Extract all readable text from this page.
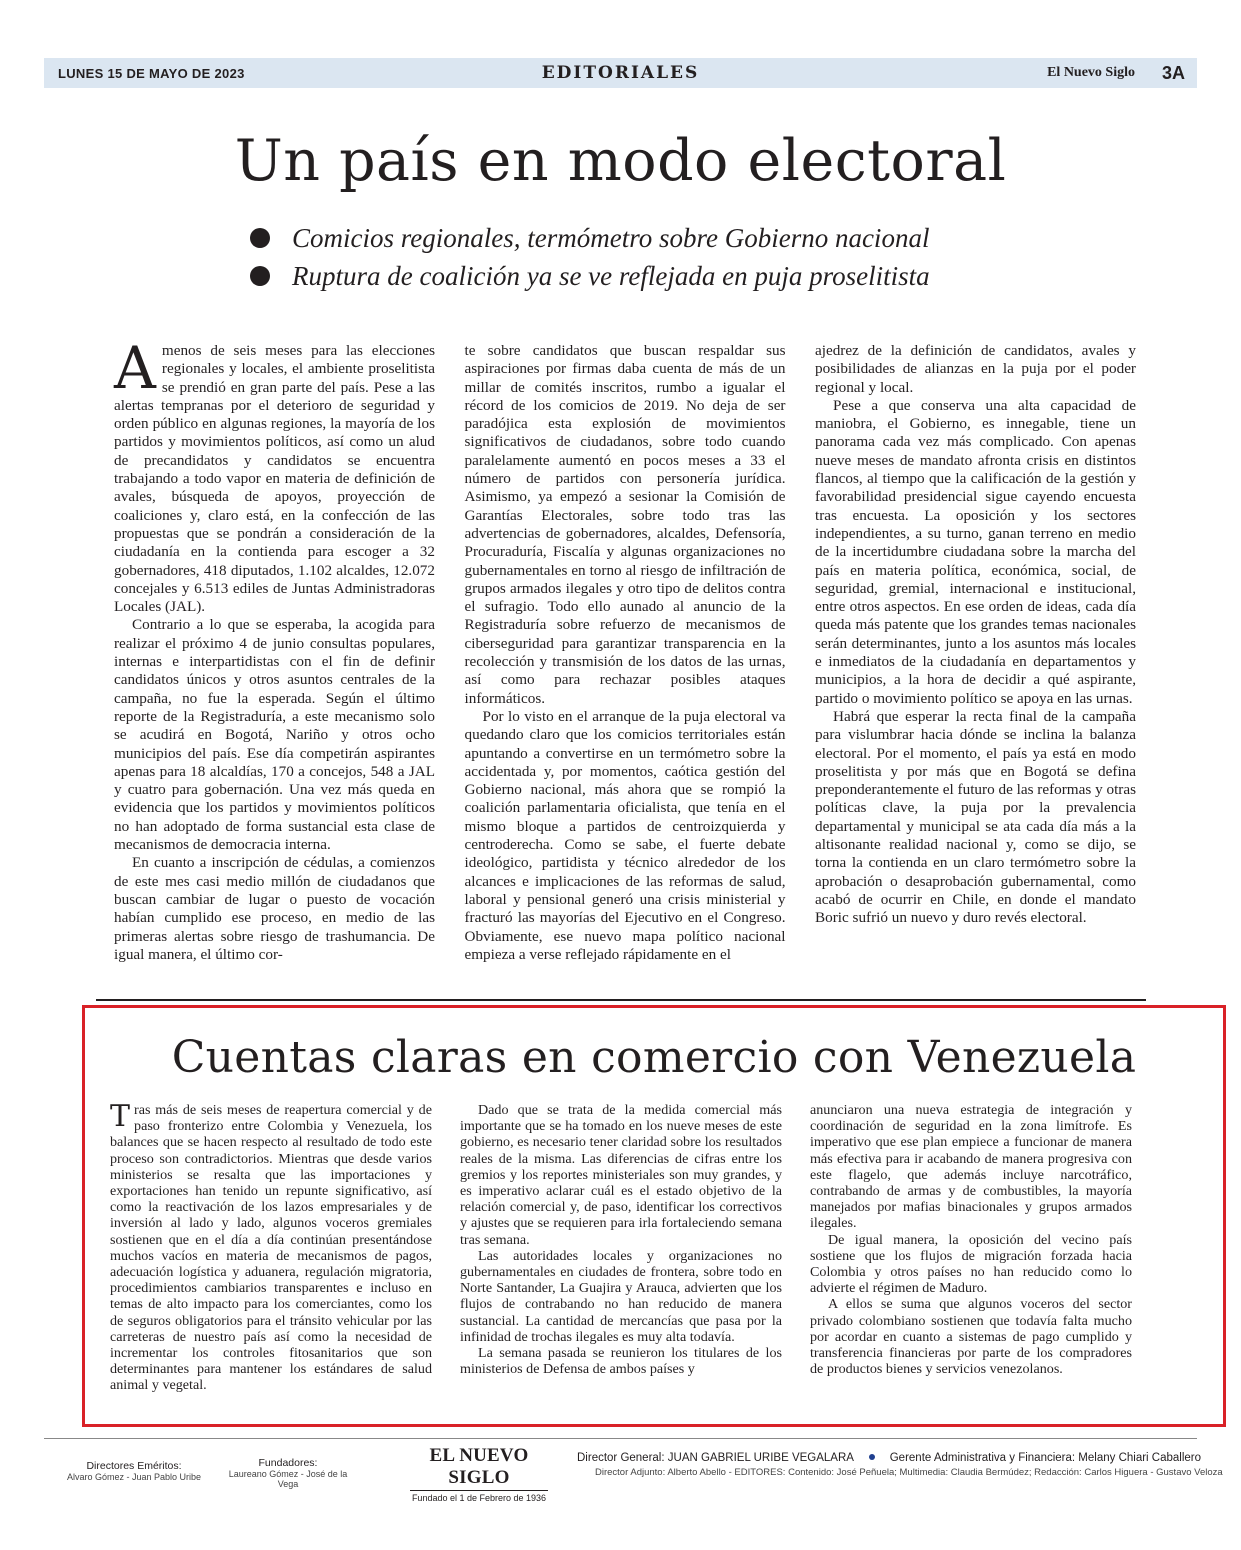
LUNES 15 DE MAYO DE 2023	EDITORIALES	El Nuevo Siglo 3A
Un país en modo electoral
Comicios regionales, termómetro sobre Gobierno nacional
Ruptura de coalición ya se ve reflejada en puja proselitista

Amenos de seis meses para las elecciones regionales y locales, el ambiente proselitista se prendió en gran parte del país. Pese a las alertas tempranas por el deterioro de seguridad y orden público en algunas regiones, la mayoría de los partidos y movimientos políticos, así como un alud de precandidatos y candidatos se encuentra trabajando a todo vapor en materia de definición de avales, búsqueda de apoyos, proyección de coaliciones y, claro está, en la confección de las propuestas que se pondrán a consideración de la ciudadanía en la contienda para escoger a 32 gobernadores, 418 diputados, 1.102 alcaldes, 12.072 concejales y 6.513 ediles de Juntas Administradoras Locales (JAL).

Contrario a lo que se esperaba, la acogida para realizar el próximo 4 de junio consultas populares, internas e interpartidistas con el fin de definir candidatos únicos y otros asuntos centrales de la campaña, no fue la esperada. Según el último reporte de la Registraduría, a este mecanismo solo se acudirá en Bogotá, Nariño y otros ocho municipios del país. Ese día competirán aspirantes apenas para 18 alcaldías, 170 a concejos, 548 a JAL y cuatro para gobernación. Una vez más queda en evidencia que los partidos y movimientos políticos no han adoptado de forma sustancial esta clase de mecanismos de democracia interna.

En cuanto a inscripción de cédulas, a comienzos de este mes casi medio millón de ciudadanos que buscan cambiar de lugar o puesto de vocación habían cumplido ese proceso, en medio de las primeras alertas sobre riesgo de trashumancia. De igual manera, el último cor-

te sobre candidatos que buscan respaldar sus aspiraciones por firmas daba cuenta de más de un millar de comités inscritos, rumbo a igualar el récord de los comicios de 2019. No deja de ser paradójica esta explosión de movimientos significativos de ciudadanos, sobre todo cuando paralelamente aumentó en pocos meses a 33 el número de partidos con personería jurídica. Asimismo, ya empezó a sesionar la Comisión de Garantías Electorales, sobre todo tras las advertencias de gobernadores, alcaldes, Defensoría, Procuraduría, Fiscalía y algunas organizaciones no gubernamentales en torno al riesgo de infiltración de grupos armados ilegales y otro tipo de delitos contra el sufragio. Todo ello aunado al anuncio de la Registraduría sobre refuerzo de mecanismos de ciberseguridad para garantizar transparencia en la recolección y transmisión de los datos de las urnas, así como para rechazar posibles ataques informáticos.

Por lo visto en el arranque de la puja electoral va quedando claro que los comicios territoriales están apuntando a convertirse en un termómetro sobre la accidentada y, por momentos, caótica gestión del Gobierno nacional, más ahora que se rompió la coalición parlamentaria oficialista, que tenía en el mismo bloque a partidos de centroizquierda y centroderecha. Como se sabe, el fuerte debate ideológico, partidista y técnico alrededor de los alcances e implicaciones de las reformas de salud, laboral y pensional generó una crisis ministerial y fracturó las mayorías del Ejecutivo en el Congreso. Obviamente, ese nuevo mapa político nacional empieza a verse reflejado rápidamente en el

ajedrez de la definición de candidatos, avales y posibilidades de alianzas en la puja por el poder regional y local.

Pese a que conserva una alta capacidad de maniobra, el Gobierno, es innegable, tiene un panorama cada vez más complicado. Con apenas nueve meses de mandato afronta crisis en distintos flancos, al tiempo que la calificación de la gestión y favorabilidad presidencial sigue cayendo encuesta tras encuesta. La oposición y los sectores independientes, a su turno, ganan terreno en medio de la incertidumbre ciudadana sobre la marcha del país en materia política, económica, social, de seguridad, gremial, internacional e institucional, entre otros aspectos. En ese orden de ideas, cada día queda más patente que los grandes temas nacionales serán determinantes, junto a los asuntos más locales e inmediatos de la ciudadanía en departamentos y municipios, a la hora de decidir a qué aspirante, partido o movimiento político se apoya en las urnas.

Habrá que esperar la recta final de la campaña para vislumbrar hacia dónde se inclina la balanza electoral. Por el momento, el país ya está en modo proselitista y por más que en Bogotá se defina preponderantemente el futuro de las reformas y otras políticas clave, la puja por la prevalencia departamental y municipal se ata cada día más a la altisonante realidad nacional y, como se dijo, se torna la contienda en un claro termómetro sobre la aprobación o desaprobación gubernamental, como acabó de ocurrir en Chile, en donde el mandato Boric sufrió un nuevo y duro revés electoral.

Cuentas claras en comercio con Venezuela

Tras más de seis meses de reapertura comercial y de paso fronterizo entre Colombia y Venezuela, los balances que se hacen respecto al resultado de todo este proceso son contradictorios. Mientras que desde varios ministerios se resalta que las importaciones y exportaciones han tenido un repunte significativo, así como la reactivación de los lazos empresariales y de inversión al lado y lado, algunos voceros gremiales sostienen que en el día a día continúan presentándose muchos vacíos en materia de mecanismos de pagos, adecuación logística y aduanera, regulación migratoria, procedimientos cambiarios transparentes e incluso en temas de alto impacto para los comerciantes, como los de seguros obligatorios para el tránsito vehicular por las carreteras de nuestro país así como la necesidad de incrementar los controles fitosanitarios que son determinantes para mantener los estándares de salud animal y vegetal.

Dado que se trata de la medida comercial más importante que se ha tomado en los nueve meses de este gobierno, es necesario tener claridad sobre los resultados reales de la misma. Las diferencias de cifras entre los gremios y los reportes ministeriales son muy grandes, y es imperativo aclarar cuál es el estado objetivo de la relación comercial y, de paso, identificar los correctivos y ajustes que se requieren para irla fortaleciendo semana tras semana.

Las autoridades locales y organizaciones no gubernamentales en ciudades de frontera, sobre todo en Norte Santander, La Guajira y Arauca, advierten que los flujos de contrabando no han reducido de manera sustancial. La cantidad de mercancías que pasa por la infinidad de trochas ilegales es muy alta todavía.

La semana pasada se reunieron los titulares de los ministerios de Defensa de ambos países y

anunciaron una nueva estrategia de integración y coordinación de seguridad en la zona limítrofe. Es imperativo que ese plan empiece a funcionar de manera más efectiva para ir acabando de manera progresiva con este flagelo, que además incluye narcotráfico, contrabando de armas y de combustibles, la mayoría manejados por mafias binacionales y grupos armados ilegales.

De igual manera, la oposición del vecino país sostiene que los flujos de migración forzada hacia Colombia y otros países no han reducido como lo advierte el régimen de Maduro.

A ellos se suma que algunos voceros del sector privado colombiano sostienen que todavía falta mucho por acordar en cuanto a sistemas de pago cumplido y transferencia financieras por parte de los compradores de productos bienes y servicios venezolanos.

Directores Eméritos:
Alvaro Gómez - Juan Pablo Uribe
Fundadores:
Laureano Gómez - José de la Vega
EL NUEVO SIGLO
Fundado el 1 de Febrero de 1936
Director General: JUAN GABRIEL URIBE VEGALARA	Gerente Administrativa y Financiera: Melany Chiari Caballero
Director Adjunto: Alberto Abello - EDITORES: Contenido: José Peñuela; Multimedia: Claudia Bermúdez; Redacción: Carlos Higuera - Gustavo Veloza
